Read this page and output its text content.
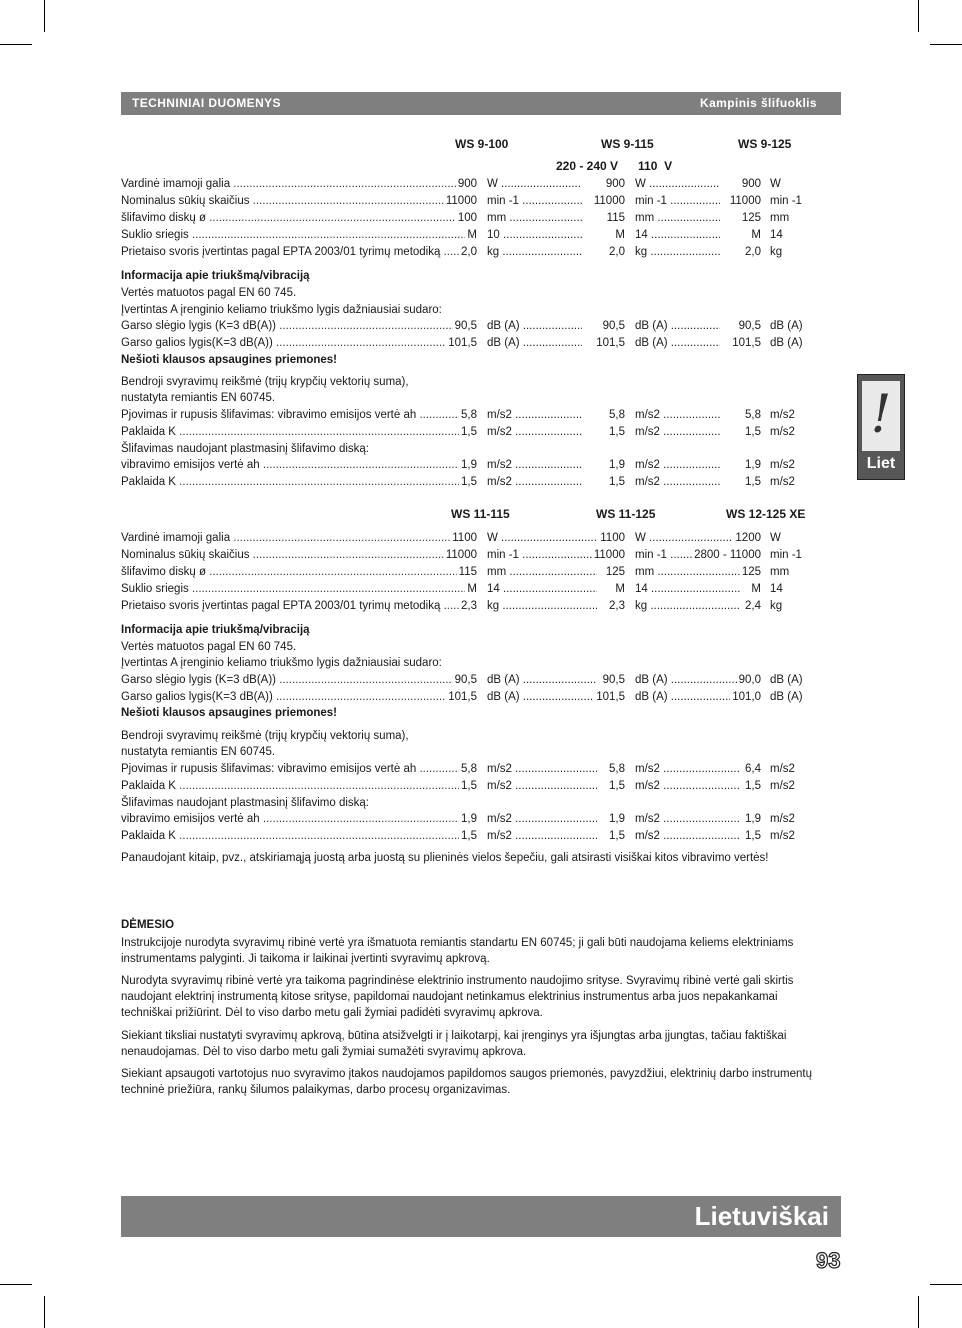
TECHNINIAI DUOMENYS	Kampinis šlifuoklis
WS 9-100	WS 9-115	WS 9-125
220 - 240 V      110  V
Informacija apie triukšmą/vibraciją
Vertės matuotos pagal EN 60 745.
Įvertintas A įrenginio keliamo triukšmo lygis dažniausiai sudaro:
Nešioti klausos apsaugines priemones!
Bendroji svyravimų reikšmė (trijų krypčių vektorių suma),
nustatyta remiantis EN 60745.
Šlifavimas naudojant plastmasinį šlifavimo diską:
WS 11-115	WS 11-125	WS 12-125 XE
Informacija apie triukšmą/vibraciją
Vertės matuotos pagal EN 60 745.
Įvertintas A įrenginio keliamo triukšmo lygis dažniausiai sudaro:
Nešioti klausos apsaugines priemones!
Bendroji svyravimų reikšmė (trijų krypčių vektorių suma),
nustatyta remiantis EN 60745.
Šlifavimas naudojant plastmasinį šlifavimo diską:
Panaudojant kitaip, pvz., atskiriamąją juostą arba juostą su plieninės vielos šepečiu, gali atsirasti visiškai kitos vibravimo vertės!
DĖMESIO
Instrukcijoje nurodyta svyravimų ribinė vertė yra išmatuota remiantis standartu EN 60745; ji gali būti naudojama keliems elektriniams instrumentams palyginti. Ji taikoma ir laikinai įvertinti svyravimų apkrovą.
Nurodyta svyravimų ribinė vertė yra taikoma pagrindinėse elektrinio instrumento naudojimo srityse. Svyravimų ribinė vertė gali skirtis naudojant elektrinį instrumentą kitose srityse, papildomai naudojant netinkamus elektrinius instrumentus arba juos nepakankamai techniškai prižiūrint. Dėl to viso darbo metu gali žymiai padidėti svyravimų apkrova.
Siekiant tiksliai nustatyti svyravimų apkrovą, būtina atsižvelgti ir į laikotarpį, kai įrenginys yra išjungtas arba įjungtas, tačiau faktiškai nenaudojamas. Dėl to viso darbo metu gali žymiai sumažėti svyravimų apkrova.
Siekiant apsaugoti vartotojus nuo svyravimo įtakos naudojamos papildomos saugos priemonės, pavyzdžiui, elektrinių darbo instrumentų techninė priežiūra, rankų šilumos palaikymas, darbo procesų organizavimas.
Vardinė imamoji galia .....	900 W .....	900 W .....	900 W
Nominalus sūkių skaičius .....	11000 min -1 .....	11000 min -1 .....	11000 min -1
šlifavimo diskų ø .....	100 mm .....	115 mm .....	125 mm
Suklio sriegis .....	M 10 .....	M 14 .....	M 14
Prietaiso svoris įvertintas pagal EPTA 2003/01 tyrimų metodiką .....	2,0 kg .....	2,0 kg .....	2,0 kg
Garso slėgio lygis (K=3 dB(A)) .....	90,5 dB (A) .....	90,5 dB (A) .....	90,5 dB (A)
Garso galios lygis(K=3 dB(A)) .....	101,5 dB (A) .....	101,5 dB (A) .....	101,5 dB (A)
Pjovimas ir rupusis šlifavimas: vibravimo emisijos vertė ah .....	5,8 m/s2 .....	5,8 m/s2 .....	5,8 m/s2
Paklaida K .....	1,5 m/s2 .....	1,5 m/s2 .....	1,5 m/s2
vibravimo emisijos vertė ah .....	1,9 m/s2 .....	1,9 m/s2 .....	1,9 m/s2
Paklaida K .....	1,5 m/s2 .....	1,5 m/s2 .....	1,5 m/s2
Vardinė imamoji galia .....	1100 W .....	1100 W .....	1200 W
Nominalus sūkių skaičius .....	11000 min -1 .....	11000 min -1 .....	2800 - 11000 min -1
šlifavimo diskų ø .....	115 mm .....	125 mm .....	125 mm
Suklio sriegis .....	M 14 .....	M 14 .....	M 14
Prietaiso svoris įvertintas pagal EPTA 2003/01 tyrimų metodiką .....	2,3 kg .....	2,3 kg .....	2,4 kg
Garso slėgio lygis (K=3 dB(A)) .....	90,5 dB (A) .....	90,5 dB (A) .....	90,0 dB (A)
Garso galios lygis(K=3 dB(A)) .....	101,5 dB (A) .....	101,5 dB (A) .....	101,0 dB (A)
Pjovimas ir rupusis šlifavimas: vibravimo emisijos vertė ah .....	5,8 m/s2 .....	5,8 m/s2 .....	6,4 m/s2
Paklaida K .....	1,5 m/s2 .....	1,5 m/s2 .....	1,5 m/s2
vibravimo emisijos vertė ah .....	1,9 m/s2 .....	1,9 m/s2 .....	1,9 m/s2
Paklaida K .....	1,5 m/s2 .....	1,5 m/s2 .....	1,5 m/s2
!
Liet
Lietuviškai
93
